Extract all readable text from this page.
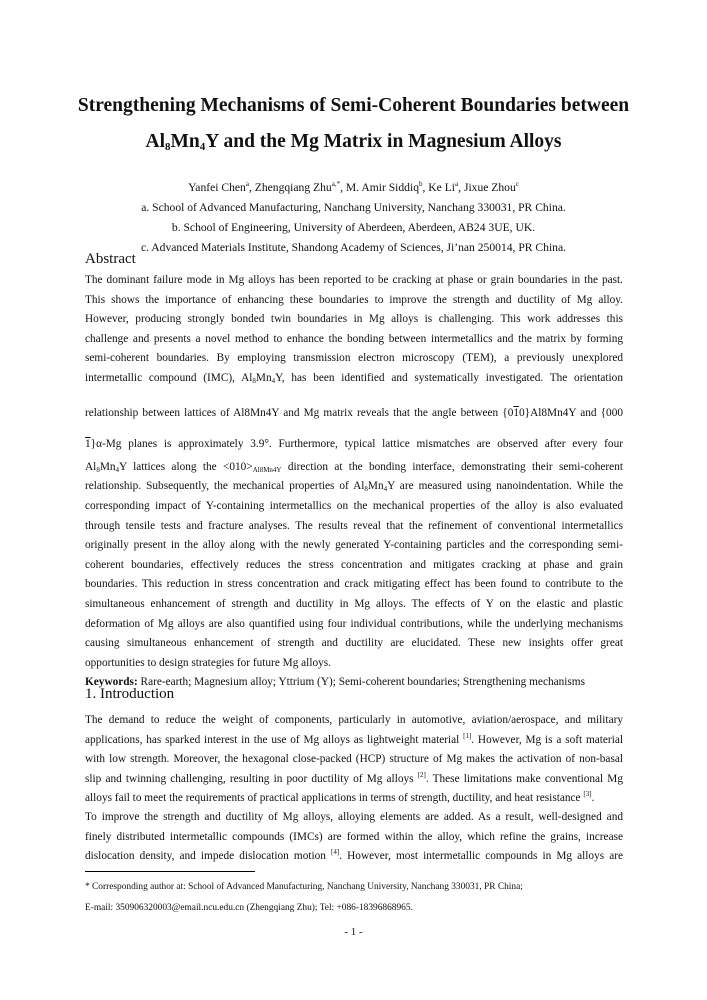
Strengthening Mechanisms of Semi-Coherent Boundaries between
$Al_8Mn_4Y$ and the Mg Matrix in Magnesium Alloys
Yanfei Chen$^a$, Zhengqiang Zhu$^{a,*}$, M. Amir Siddiq$^b$, Ke Li$^a$, Jixue Zhou$^c$
a. School of Advanced Manufacturing, Nanchang University, Nanchang 330031, PR China.
b. School of Engineering, University of Aberdeen, Aberdeen, AB24 3UE, UK.
c. Advanced Materials Institute, Shandong Academy of Sciences, Ji’nan 250014, PR China.
Abstract
The dominant failure mode in Mg alloys has been reported to be cracking at phase or grain boundaries in the past.
This shows the importance of enhancing these boundaries to improve the strength and ductility of Mg alloy.
However, producing strongly bonded twin boundaries in Mg alloys is challenging. This work addresses this
challenge and presents a novel method to enhance the bonding between intermetallics and the matrix by forming
semi-coherent boundaries. By employing transmission electron microscopy (TEM), a previously unexplored
intermetallic compound (IMC), $Al_8Mn_4Y$, has been identified and systematically investigated. The orientation
relationship between lattices of Al8Mn4Y and Mg matrix reveals that the angle between {010}Al8Mn4Y and {000
1}α-Mg planes is approximately 3.9°. Furthermore, typical lattice mismatches are observed after every four
$Al_8Mn_4Y$ lattices along the $<010>_{Al8Mn4Y}$ direction at the bonding interface, demonstrating their semi-coherent
relationship. Subsequently, the mechanical properties of $Al_8Mn_4Y$ are measured using nanoindentation. While the
corresponding impact of Y-containing intermetallics on the mechanical properties of the alloy is also evaluated
through tensile tests and fracture analyses. The results reveal that the refinement of conventional intermetallics
originally present in the alloy along with the newly generated Y-containing particles and the corresponding semi-
coherent boundaries, effectively reduces the stress concentration and mitigates cracking at phase and grain
boundaries. This reduction in stress concentration and crack mitigating effect has been found to contribute to the
simultaneous enhancement of strength and ductility in Mg alloys. The effects of Y on the elastic and plastic
deformation of Mg alloys are also quantified using four individual contributions, while the underlying mechanisms
causing simultaneous enhancement of strength and ductility are elucidated. These new insights offer great
opportunities to design strategies for future Mg alloys.
Keywords: Rare-earth; Magnesium alloy; Yttrium (Y); Semi-coherent boundaries; Strengthening mechanisms
1. Introduction
The demand to reduce the weight of components, particularly in automotive, aviation/aerospace, and military
applications, has sparked interest in the use of Mg alloys as lightweight material [1]. However, Mg is a soft material
with low strength. Moreover, the hexagonal close-packed (HCP) structure of Mg makes the activation of non-basal
slip and twinning challenging, resulting in poor ductility of Mg alloys [2]. These limitations make conventional Mg
alloys fail to meet the requirements of practical applications in terms of strength, ductility, and heat resistance [3].
To improve the strength and ductility of Mg alloys, alloying elements are added. As a result, well-designed and
finely distributed intermetallic compounds (IMCs) are formed within the alloy, which refine the grains, increase
dislocation density, and impede dislocation motion [4]. However, most intermetallic compounds in Mg alloys are
* Corresponding author at: School of Advanced Manufacturing, Nanchang University, Nanchang 330031, PR China;
E-mail: 350906320003@email.ncu.edu.cn (Zhengqiang Zhu); Tel: +086-18396868965.
- 1 -
